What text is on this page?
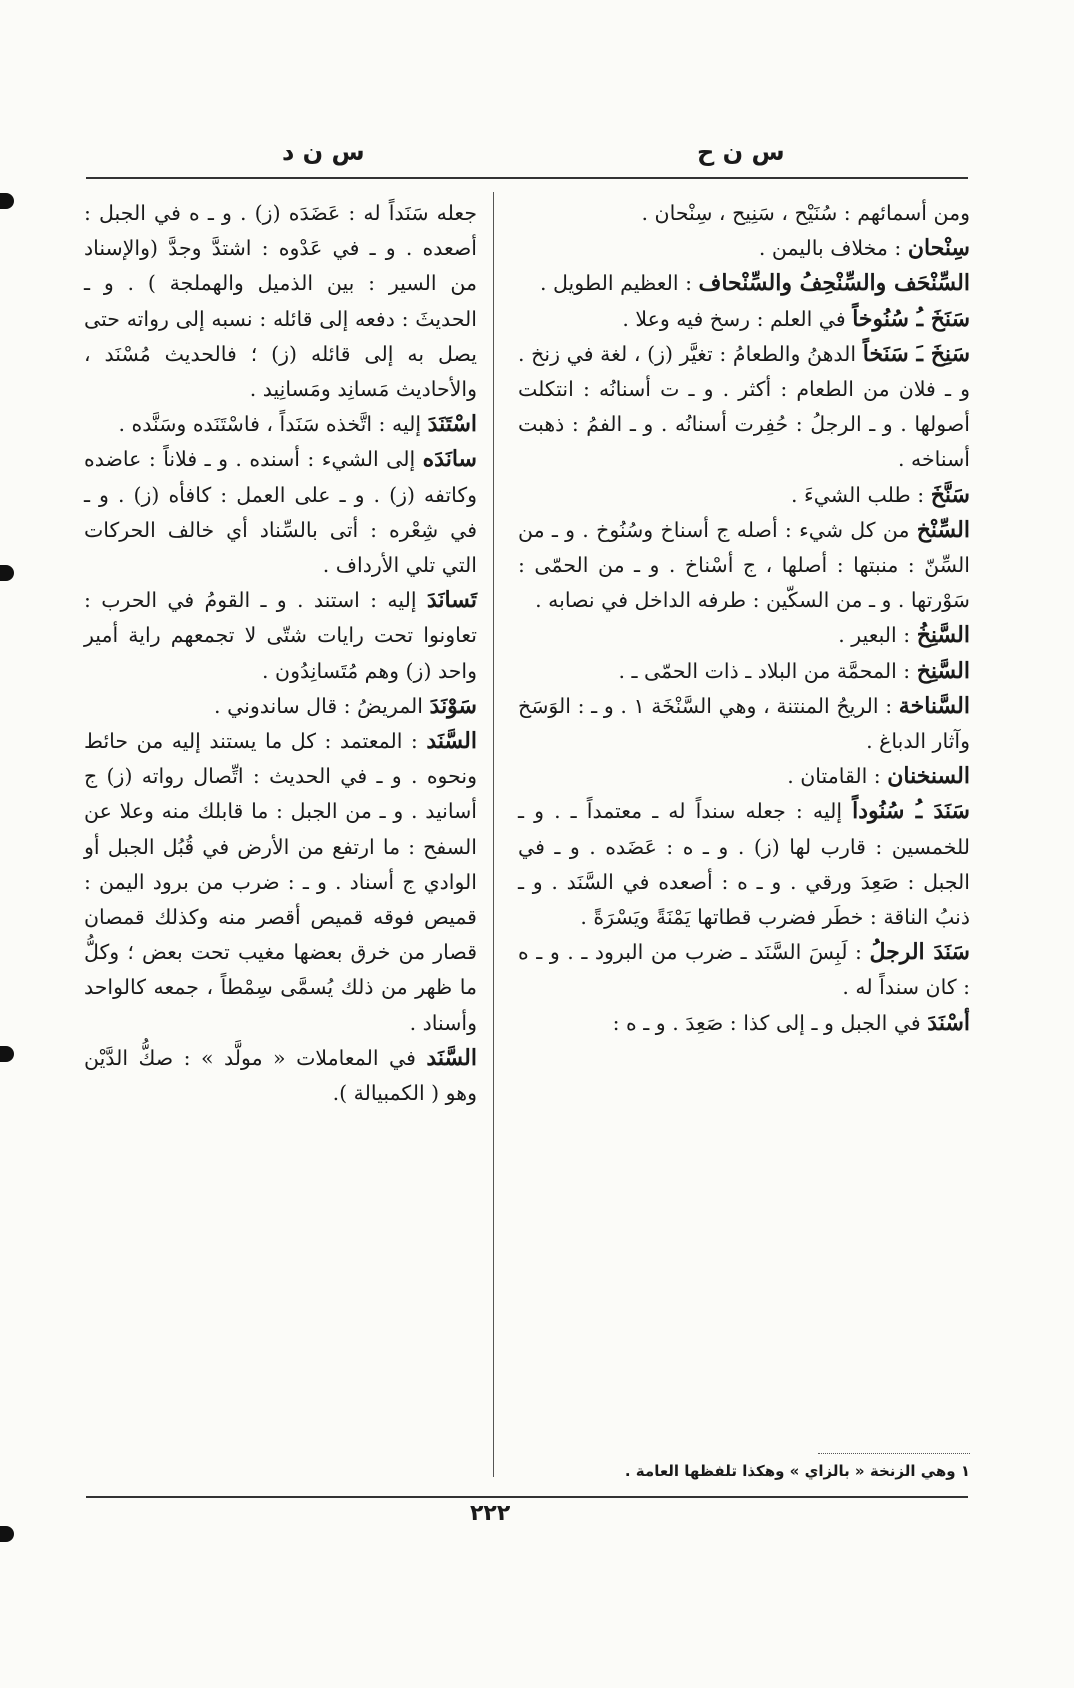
س ن د	س ن ح

ومن أسمائهم : سُنَيْح ، سَنِيح ، سِنْحان .

سِنْحان : مخلاف باليمن .

السِّنْحَف والسِّنْحِفُ والسِّنْحاف : العظيم الطويل .

سَنَخَ ـُ سُنُوخاً في العلم : رسخ فيه وعلا .

سَنِخَ ـَ سَنَخاً الدهنُ والطعامُ : تغيَّر (ز) ، لغة في زنخ . و ـ فلان من الطعام : أكثر . و ـ ت أسنانُه : انتكلت أصولها . و ـ الرجلُ : حُفِرت أسنانُه . و ـ الفمُ : ذهبت أسناخه .

سَنَّخَ : طلب الشيءَ .

السِّنْخ من كل شيء : أصله ج أسناخ وسُنُوخ . و ـ من السِّنّ : منبتها : أصلها ، ج أسْناخ . و ـ من الحمّى : سَوْرتها . و ـ من السكّين : طرفه الداخل في نصابه .

السَّنِخُ : البعير .

السَّنِخ : المحمَّة من البلاد ـ ذات الحمّى ـ .

السَّناخة : الريحُ المنتنة ، وهي السَّنْخَة ١ . و ـ : الوَسَخ وآثار الدباغ .

السنخنان : القامتان .

سَنَدَ ـُ سُنُوداً إليه : جعله سنداً له ـ معتمداً ـ . و ـ للخمسين : قارب لها (ز) . و ـ ه : عَضَده . و ـ في الجبل : صَعِدَ ورقي . و ـ ه : أصعده في السَّنَد . و ـ ذنبُ الناقة : خطَر فضرب قطاتها يَمْنَةً ويَسْرَةً .

سَنَدَ الرجلُ : لَبِسَ السَّنَد ـ ضرب من البرود ـ . و ـ ه : كان سنداً له .

أسْنَدَ في الجبل و ـ إلى كذا : صَعِدَ . و ـ ه :

جعله سَنَداً له : عَضَدَه (ز) . و ـ ه في الجبل : أصعده . و ـ في عَدْوه : اشتدَّ وجدَّ (والإسناد من السير : بين الذميل والهملجة ) . و ـ الحديثَ : دفعه إلى قائله : نسبه إلى رواته حتى يصل به إلى قائله (ز) ؛ فالحديث مُسْنَد ، والأحاديث مَسانِد ومَسانِيد .

اسْتَنَدَ إليه : اتَّخذه سَنَداً ، فاسْتَنَده وسَنَّده .

سانَدَه إلى الشيء : أسنده . و ـ فلاناً : عاضده وكاتفه (ز) . و ـ على العمل : كافأه (ز) . و ـ في شِعْره : أتى بالسِّناد أي خالف الحركات التي تلي الأرداف .

تَسانَدَ إليه : استند . و ـ القومُ في الحرب : تعاونوا تحت رايات شتّى لا تجمعهم راية أمير واحد (ز) وهم مُتَسانِدُون .

سَوْنَدَ المريضُ : قال ساندوني .

السَّنَد : المعتمد : كل ما يستند إليه من حائط ونحوه . و ـ في الحديث : اتِّصال رواته (ز) ج أسانيد . و ـ من الجبل : ما قابلك منه وعلا عن السفح : ما ارتفع من الأرض في قُبُل الجبل أو الوادي ج أسناد . و ـ : ضرب من برود اليمن : قميص فوقه قميص أقصر منه وكذلك قمصان قصار من خرق بعضها مغيب تحت بعض ؛ وكلُّ ما ظهر من ذلك يُسمَّى سِمْطاً ، جمعه كالواحد وأسناد .

السَّنَد في المعاملات « مولَّد » : صكُّ الدَّيْن وهو ( الكمبيالة ).

١ وهي الزنخة « بالزاي » وهكذا تلفظها العامة .
٢٢٢
